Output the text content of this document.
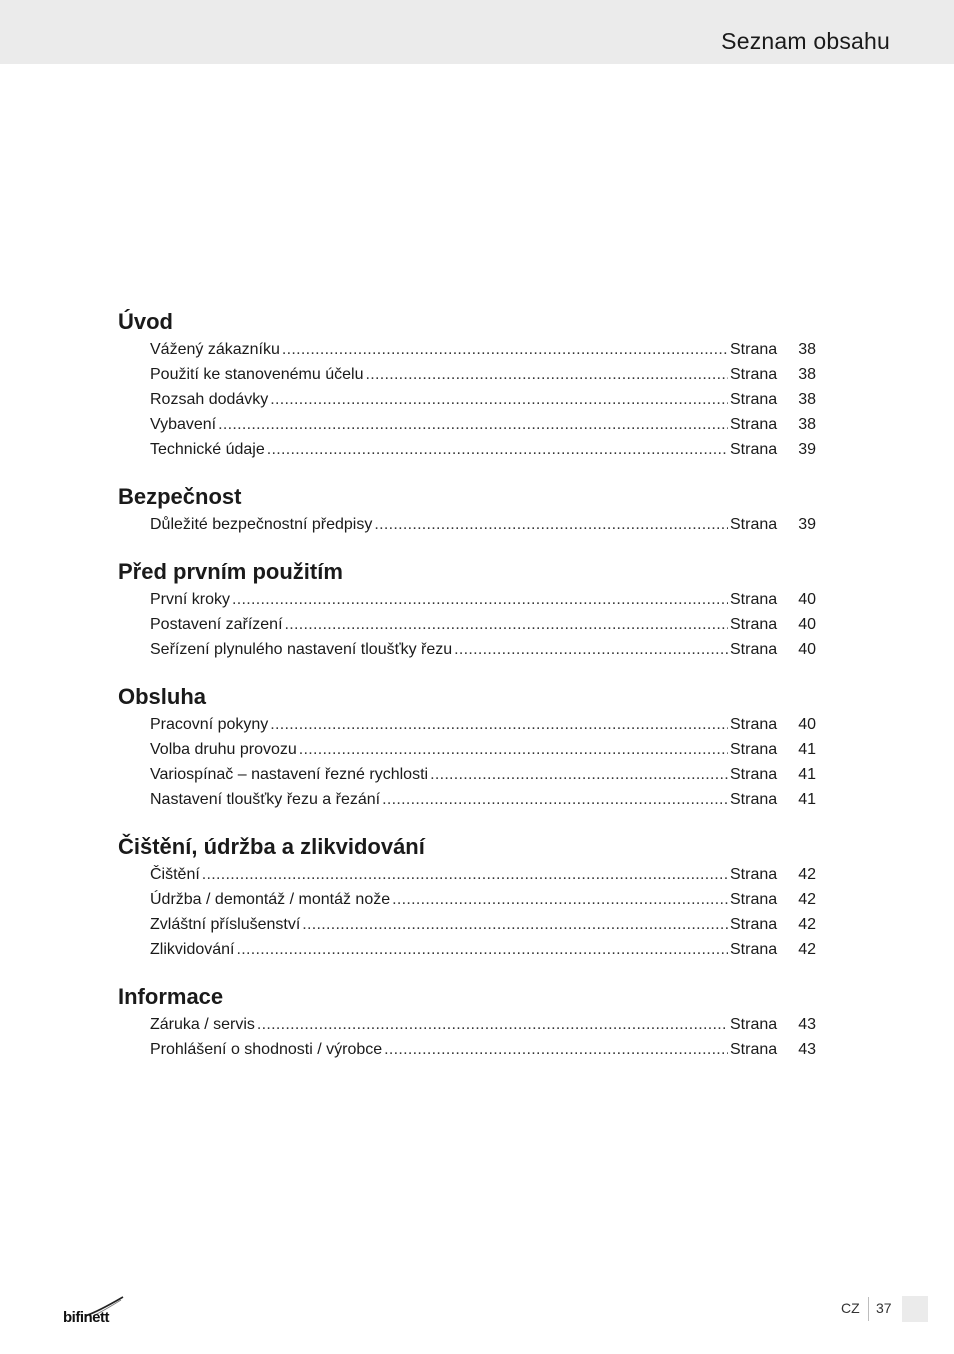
Seznam obsahu
Úvod
Vážený zákazníku .....	Strana	38
Použití ke stanovenému účelu .....	Strana	38
Rozsah dodávky .....	Strana	38
Vybavení .....	Strana	38
Technické údaje .....	Strana	39
Bezpečnost
Důležité bezpečnostní předpisy .....	Strana	39
Před prvním použitím
První kroky .....	Strana	40
Postavení zařízení .....	Strana	40
Seřízení plynulého nastavení tloušťky řezu .....	Strana	40
Obsluha
Pracovní pokyny .....	Strana	40
Volba druhu provozu .....	Strana	41
Variospínač – nastavení řezné rychlosti .....	Strana	41
Nastavení tloušťky řezu a řezání .....	Strana	41
Čištění, údržba a zlikvidování
Čištění .....	Strana	42
Údržba / demontáž / montáž nože .....	Strana	42
Zvláštní příslušenství .....	Strana	42
Zlikvidování .....	Strana	42
Informace
Záruka / servis .....	Strana	43
Prohlášení o shodnosti / výrobce .....	Strana	43
bifinett
CZ 37
